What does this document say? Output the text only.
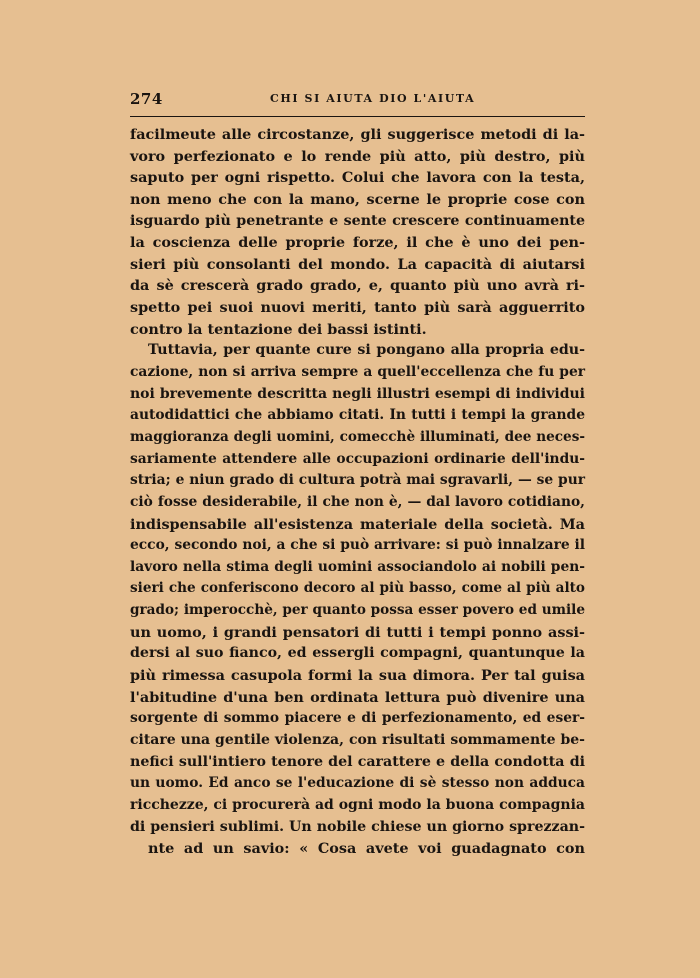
274	CHI SI AIUTA DIO L'AIUTA
facilmeute alle circostanze, gli suggerisce metodi di la-
voro perfezionato e lo rende più atto, più destro, più
saputo per ogni rispetto. Colui che lavora con la testa,
non meno che con la mano, scerne le proprie cose con
isguardo più penetrante e sente crescere continuamente
la coscienza delle proprie forze, il che è uno dei pen-
sieri più consolanti del mondo. La capacità di aiutarsi
da sè crescerà grado grado, e, quanto più uno avrà ri-
spetto pei suoi nuovi meriti, tanto più sarà agguerrito
contro la tentazione dei bassi istinti.
Tuttavia, per quante cure si pongano alla propria edu-
cazione, non si arriva sempre a quell'eccellenza che fu per
noi brevemente descritta negli illustri esempi di individui
autodidattici che abbiamo citati. In tutti i tempi la grande
maggioranza degli uomini, comecchè illuminati, dee neces-
sariamente attendere alle occupazioni ordinarie dell'indu-
stria; e niun grado di cultura potrà mai sgravarli, — se pur
ciò fosse desiderabile, il che non è, — dal lavoro cotidiano,
indispensabile all'esistenza materiale della società. Ma
ecco, secondo noi, a che si può arrivare: si può innalzare il
lavoro nella stima degli uomini associandolo ai nobili pen-
sieri che conferiscono decoro al più basso, come al più alto
grado; imperocchè, per quanto possa esser povero ed umile
un uomo, i grandi pensatori di tutti i tempi ponno assi-
dersi al suo fianco, ed essergli compagni, quantunque la
più rimessa casupola formi la sua dimora. Per tal guisa
l'abitudine d'una ben ordinata lettura può divenire una
sorgente di sommo piacere e di perfezionamento, ed eser-
citare una gentile violenza, con risultati sommamente be-
nefici sull'intiero tenore del carattere e della condotta di
un uomo. Ed anco se l'educazione di sè stesso non adduca
ricchezze, ci procurerà ad ogni modo la buona compagnia
di pensieri sublimi. Un nobile chiese un giorno sprezzan-
nte ad un savio: « Cosa avete voi guadagnato con
